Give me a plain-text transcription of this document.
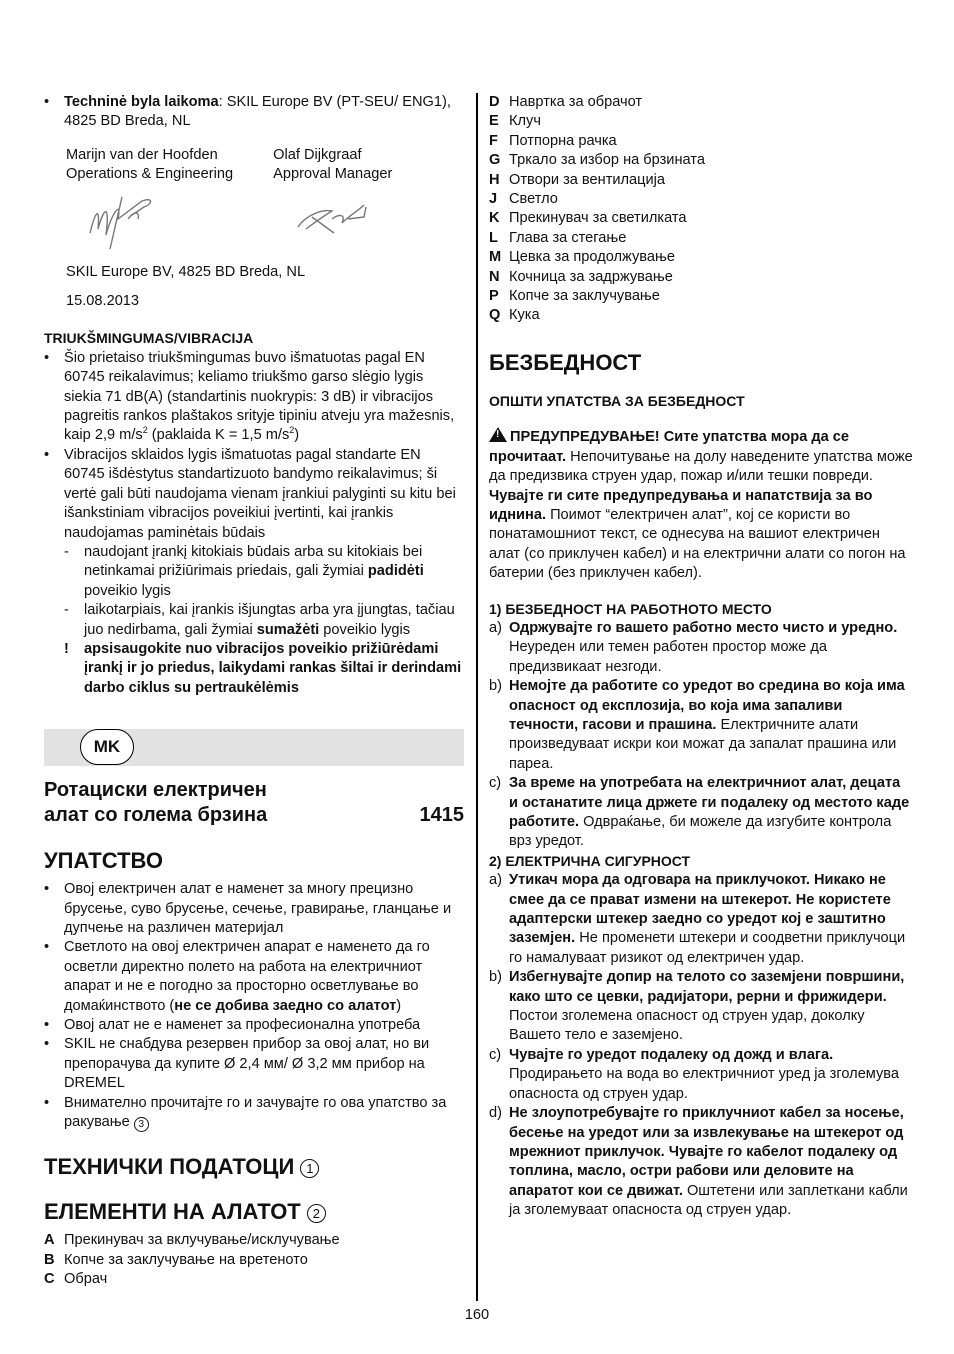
• Techninė byla laikoma: SKIL Europe BV (PT-SEU/ ENG1), 4825 BD Breda, NL

Marijn van der Hoofden

Operations & Engineering

Olaf Dijkgraaf

Approval Manager

SKIL Europe BV, 4825 BD Breda, NL

15.08.2013

TRIUKŠMINGUMAS/VIBRACIJA

• Šio prietaiso triukšmingumas buvo išmatuotas pagal EN 60745 reikalavimus; keliamo triukšmo garso slėgio lygis siekia 71 dB(A) (standartinis nuokrypis: 3 dB) ir vibracijos pagreitis rankos plaštakos srityje tipiniu atveju yra mažesnis, kaip 2,9 $m/s^2$ (paklaida K = 1,5 $m/s^2$)

• Vibracijos sklaidos lygis išmatuotas pagal standarte EN 60745 išdėstytus standartizuoto bandymo reikalavimus; ši vertė gali būti naudojama vienam įrankiui palyginti su kitu bei išankstiniam vibracijos poveikiui įvertinti, kai įrankis naudojamas paminėtais būdais

- naudojant įrankį kitokiais būdais arba su kitokiais bei netinkamai prižiūrimais priedais, gali žymiai padidėti poveikio lygis

- laikotarpiais, kai įrankis išjungtas arba yra įjungtas, tačiau juo nedirbama, gali žymiai sumažėti poveikio lygis

! apsisaugokite nuo vibracijos poveikio prižiūrėdami įrankį ir jo priedus, laikydami rankas šiltai ir derindami darbo ciklus su pertraukėlėmis

MK
Ротациски електричен
алат со голема брзина	1415
УПАТСТВО

• Овој електричен алат е наменет за многу прецизно брусење, суво брусење, сечење, гравирање, гланцање и дупчење на различен материјал

• Светлото на овој електричен апарат е наменето да го осветли директно полето на работа на електричниот апарат и не е погодно за просторно осветлување во домаќинството (не се добива заедно со алатот)

• Овој алат не е наменет за професионална употреба

• SKIL не снабдува резервен прибор за овој алат, но ви препорачува да купите Ø 2,4 мм/ Ø 3,2 мм прибор на DREMEL

• Внимателно прочитајте го и зачувајте го ова упатство за ракување 3

ТЕХНИЧКИ ПОДАТОЦИ 1
ЕЛЕМЕНТИ НА АЛАТОТ 2

A Прекинувач за вклучување/исклучување

B Копче за заклучување на вретеното

C Обрач

D Навртка за обрачот

E Клуч

F Потпорна рачка

G Тркало за избор на брзината

H Отвори за вентилација

J Светло

K Прекинувач за светилката

L Глава за стегање

M Цевка за продолжување

N Кочница за задржување

P Копче за заклучување

Q Кука

БЕЗБЕДНОСТ

ОПШТИ УПАТСТВА ЗА БЕЗБЕДНОСТ

!ПРЕДУПРЕДУВАЊЕ! Сите упатства мора да се прочитаат. Непочитување на долу наведените упатства може да предизвика струен удар, пожар и/или тешки повреди. Чувајте ги сите предупредувања и напатствија за во иднина. Поимот “електричен алат”, кој се користи во понатамошниот текст, се однесува на вашиот електричен алат (со приклучен кабел) и на електрични алати со погон на батерии (без приклучен кабел).

1) БЕЗБЕДНОСТ НА РАБОТНОТО МЕСТО

a) Одржувајте го вашето работно место чисто и уредно. Неуреден или темен работен простор може да предизвикаат незгоди.

b) Немојте да работите со уредот во средина во која има опасност од експлозија, во која има запаливи течности, гасови и прашина. Електричните алати произведуваат искри кои можат да запалат прашина или пареа.

c) За време на употребата на електричниот алат, децата и останатите лица држете ги подалеку од местото каде работите. Одвраќање, би можеле да изгубите контрола врз уредот.

2) ЕЛЕКТРИЧНА СИГУРНОСТ

a) Утикач мора да одговара на приклучокот. Никако не смее да се прават измени на штекерот. Не користете адаптерски штекер заедно со уредот кој е заштитно заземјен. Не променети штекери и соодветни приклучоци го намалуваат ризикот од електричен удар.

b) Избегнувајте допир на телото со заземјени површини, како што се цевки, радијатори, рерни и фрижидери. Постои зголемена опасност од струен удар, доколку Вашето тело е заземјено.

c) Чувајте го уредот подалеку од дожд и влага. Продирањето на вода во електричниот уред ја зголемува опасноста од струен удар.

d) Не злоупотребувајте го приклучниот кабел за носење, бесење на уредот или за извлекување на штекерот од мрежниот приклучок. Чувајте го кабелот подалеку од топлина, масло, остри рабови или деловите на апаратот кои се движат. Оштетени или заплеткани кабли ја зголемуваат опасноста од струен удар.

160
